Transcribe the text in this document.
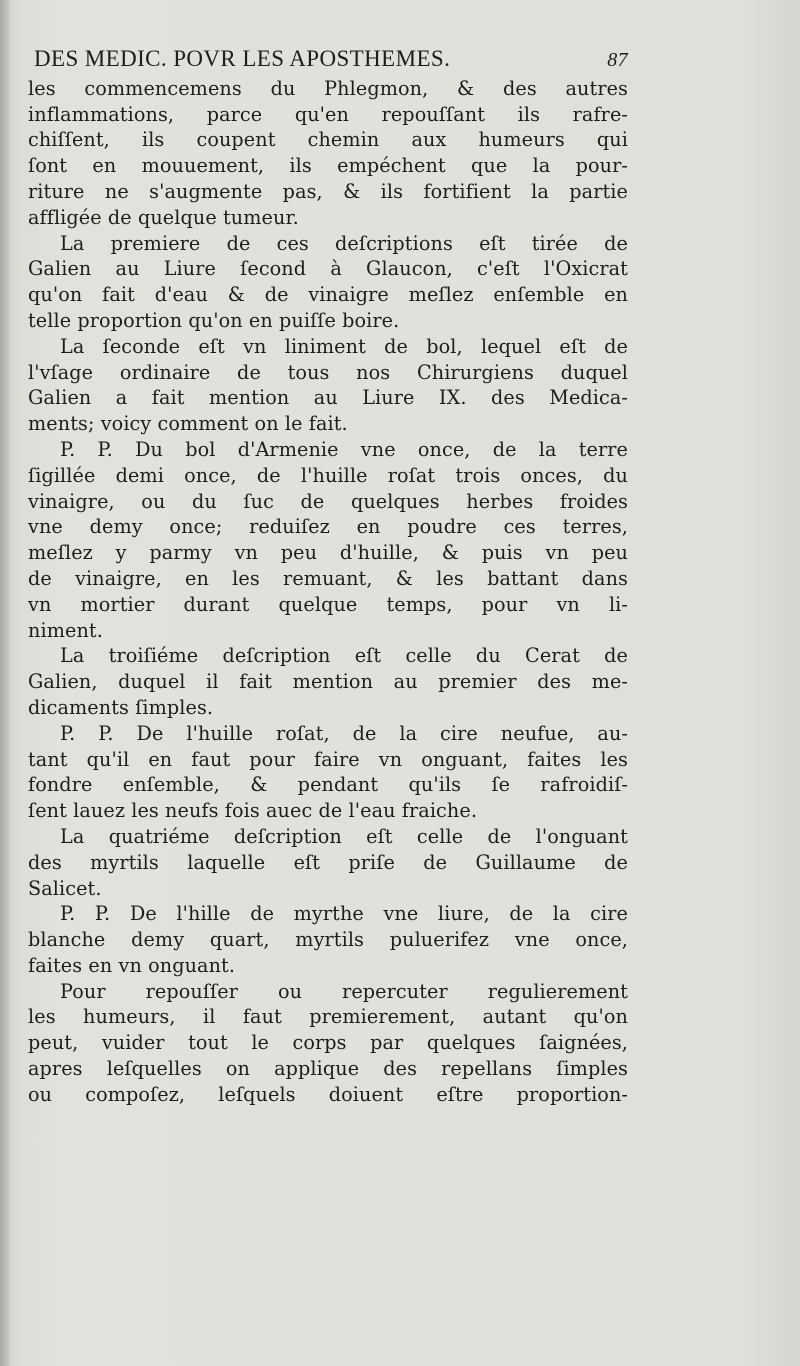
DES MEDIC. POVR LES APOSTHEMES.	87
les commencemens du Phlegmon, & des autres
inflammations, parce qu'en repouſſant ils rafre-
chiſſent, ils coupent chemin aux humeurs qui
ſont en mouuement, ils empéchent que la pour-
riture ne s'augmente pas, & ils fortifient la partie
affligée de quelque tumeur.
La premiere de ces deſcriptions eſt tirée de
Galien au Liure ſecond à Glaucon, c'eſt l'Oxicrat
qu'on fait d'eau & de vinaigre meſlez enſemble en
telle proportion qu'on en puiſſe boire.
La ſeconde eſt vn liniment de bol, lequel eſt de
l'vſage ordinaire de tous nos Chirurgiens duquel
Galien a fait mention au Liure IX. des Medica-
ments; voicy comment on le fait.
P. P. Du bol d'Armenie vne once, de la terre
ſigillée demi once, de l'huille roſat trois onces, du
vinaigre, ou du ſuc de quelques herbes froides
vne demy once; reduiſez en poudre ces terres,
meſlez y parmy vn peu d'huille, & puis vn peu
de vinaigre, en les remuant, & les battant dans
vn mortier durant quelque temps, pour vn li-
niment.
La troiſiéme deſcription eſt celle du Cerat de
Galien, duquel il fait mention au premier des me-
dicaments ſimples.
P. P. De l'huille roſat, de la cire neufue, au-
tant qu'il en faut pour faire vn onguant, faites les
fondre enſemble, & pendant qu'ils ſe rafroidiſ-
ſent lauez les neufs fois auec de l'eau fraiche.
La quatriéme deſcription eſt celle de l'onguant
des myrtils laquelle eſt priſe de Guillaume de
Salicet.
P. P. De l'hille de myrthe vne liure, de la cire
blanche demy quart, myrtils puluerifez vne once,
faites en vn onguant.
Pour repouſſer ou repercuter regulierement
les humeurs, il faut premierement, autant qu'on
peut, vuider tout le corps par quelques ſaignées,
apres leſquelles on applique des repellans ſimples
ou compoſez, leſquels doiuent eſtre proportion-
